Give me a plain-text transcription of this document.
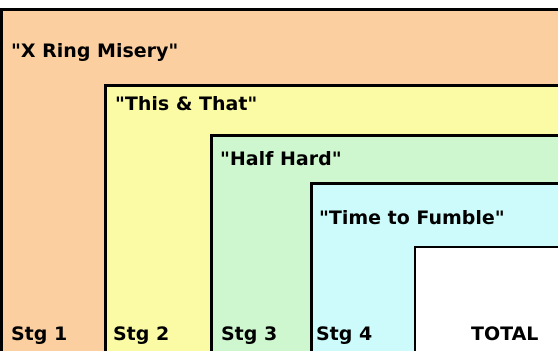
"X Ring Misery"
Stg 1
"This & That"
Stg 2
"Half Hard"
Stg 3
"Time to Fumble"
Stg 4	TOTAL
